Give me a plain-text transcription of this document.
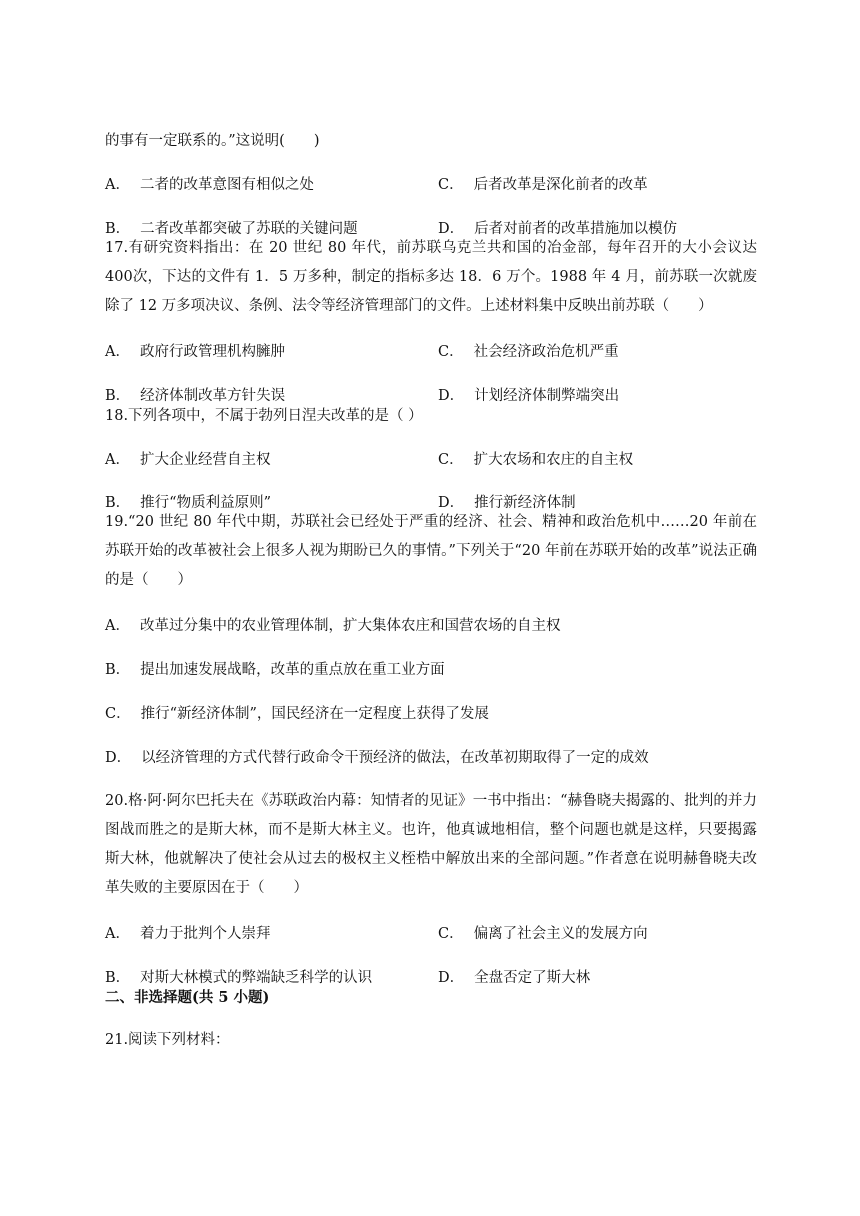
的事有一定联系的。”这说明(　　)
A． 二者的改革意图有相似之处	C． 后者改革是深化前者的改革
B． 二者改革都突破了苏联的关键问题	D． 后者对前者的改革措施加以模仿
17.有研究资料指出：在 20 世纪 80 年代，前苏联乌克兰共和国的冶金部，每年召开的大小会议达 400次，下达的文件有 1．5 万多种，制定的指标多达 18．6 万个。1988 年 4 月，前苏联一次就废除了 12 万多项决议、条例、法令等经济管理部门的文件。上述材料集中反映出前苏联（　　）
A． 政府行政管理机构臃肿	C． 社会经济政治危机严重
B． 经济体制改革方针失误	D． 计划经济体制弊端突出
18.下列各项中，不属于勃列日涅夫改革的是（ ）
A． 扩大企业经营自主权	C． 扩大农场和农庄的自主权
B． 推行“物质利益原则”	D． 推行新经济体制
19.“20 世纪 80 年代中期，苏联社会已经处于严重的经济、社会、精神和政治危机中……20 年前在苏联开始的改革被社会上很多人视为期盼已久的事情。”下列关于“20 年前在苏联开始的改革”说法正确的是（　　）
A． 改革过分集中的农业管理体制，扩大集体农庄和国营农场的自主权
B． 提出加速发展战略，改革的重点放在重工业方面
C． 推行“新经济体制”，国民经济在一定程度上获得了发展
D． 以经济管理的方式代替行政命令干预经济的做法，在改革初期取得了一定的成效
20.格·阿·阿尔巴托夫在《苏联政治内幕：知情者的见证》一书中指出：“赫鲁晓夫揭露的、批判的并力图战而胜之的是斯大林，而不是斯大林主义。也许，他真诚地相信，整个问题也就是这样，只要揭露斯大林，他就解决了使社会从过去的极权主义桎梏中解放出来的全部问题。”作者意在说明赫鲁晓夫改革失败的主要原因在于（　　）
A． 着力于批判个人崇拜	C． 偏离了社会主义的发展方向
B． 对斯大林模式的弊端缺乏科学的认识	D． 全盘否定了斯大林
二、非选择题(共 5 小题)
21.阅读下列材料：
